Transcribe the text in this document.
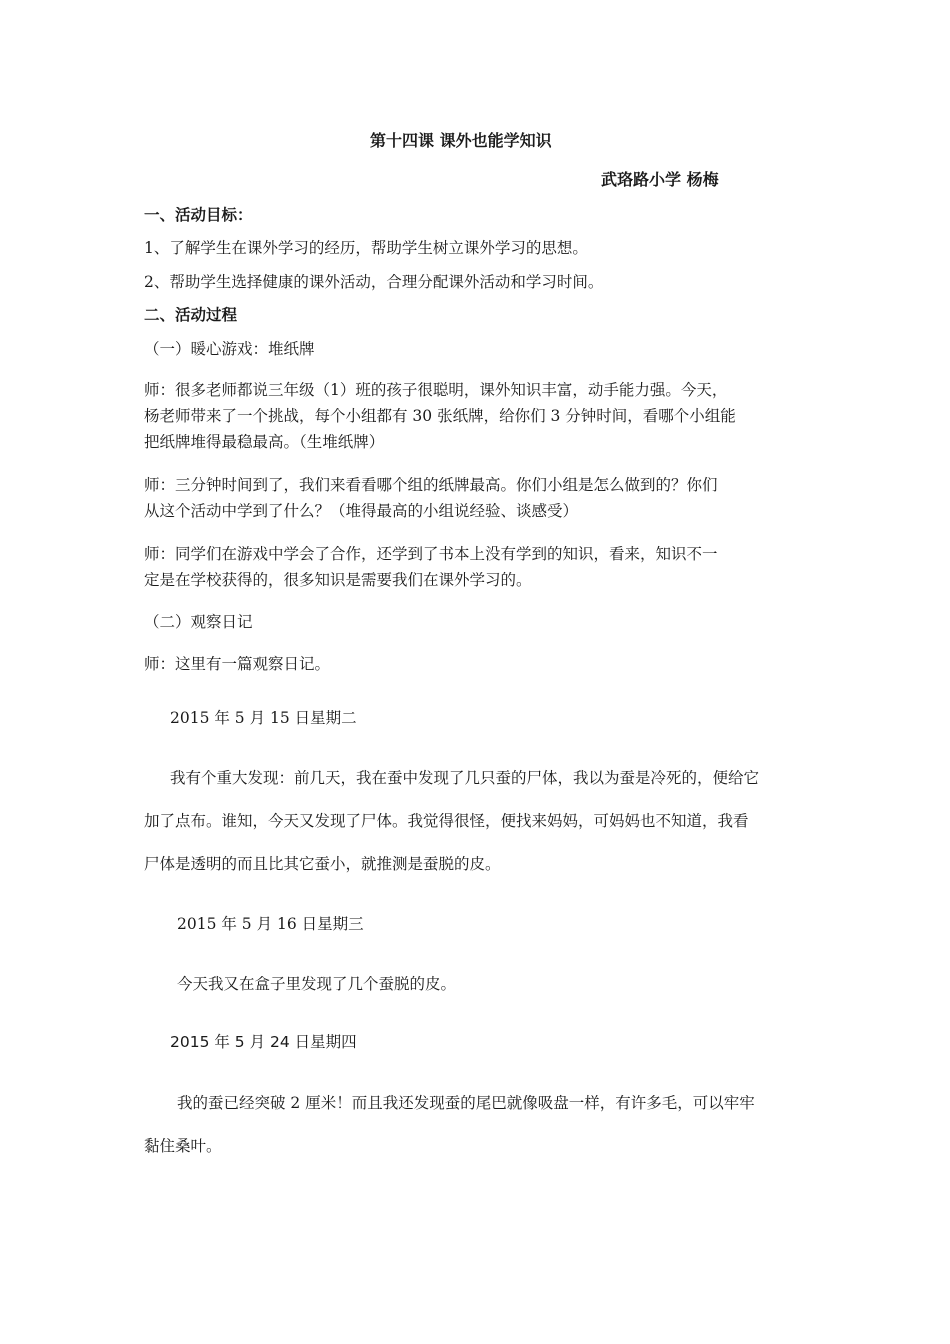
第十四课 课外也能学知识
武珞路小学 杨梅
一、活动目标：
1、了解学生在课外学习的经历，帮助学生树立课外学习的思想。
2、帮助学生选择健康的课外活动，合理分配课外活动和学习时间。
二、活动过程
（一）暖心游戏：堆纸牌
师：很多老师都说三年级（1）班的孩子很聪明，课外知识丰富，动手能力强。今天，
杨老师带来了一个挑战，每个小组都有 30 张纸牌，给你们 3 分钟时间，看哪个小组能
把纸牌堆得最稳最高。（生堆纸牌）
师：三分钟时间到了，我们来看看哪个组的纸牌最高。你们小组是怎么做到的？你们
从这个活动中学到了什么？（堆得最高的小组说经验、谈感受）
师：同学们在游戏中学会了合作，还学到了书本上没有学到的知识，看来，知识不一
定是在学校获得的，很多知识是需要我们在课外学习的。
（二）观察日记
师：这里有一篇观察日记。
2015 年 5 月 15 日星期二
我有个重大发现：前几天，我在蚕中发现了几只蚕的尸体，我以为蚕是冷死的，便给它
加了点布。谁知，今天又发现了尸体。我觉得很怪，便找来妈妈，可妈妈也不知道，我看
尸体是透明的而且比其它蚕小，就推测是蚕脱的皮。
2015 年 5 月 16 日星期三
今天我又在盒子里发现了几个蚕脱的皮。
2015 年 5 月 24 日星期四
我的蚕已经突破 2 厘米！而且我还发现蚕的尾巴就像吸盘一样，有许多毛，可以牢牢
黏住桑叶。
